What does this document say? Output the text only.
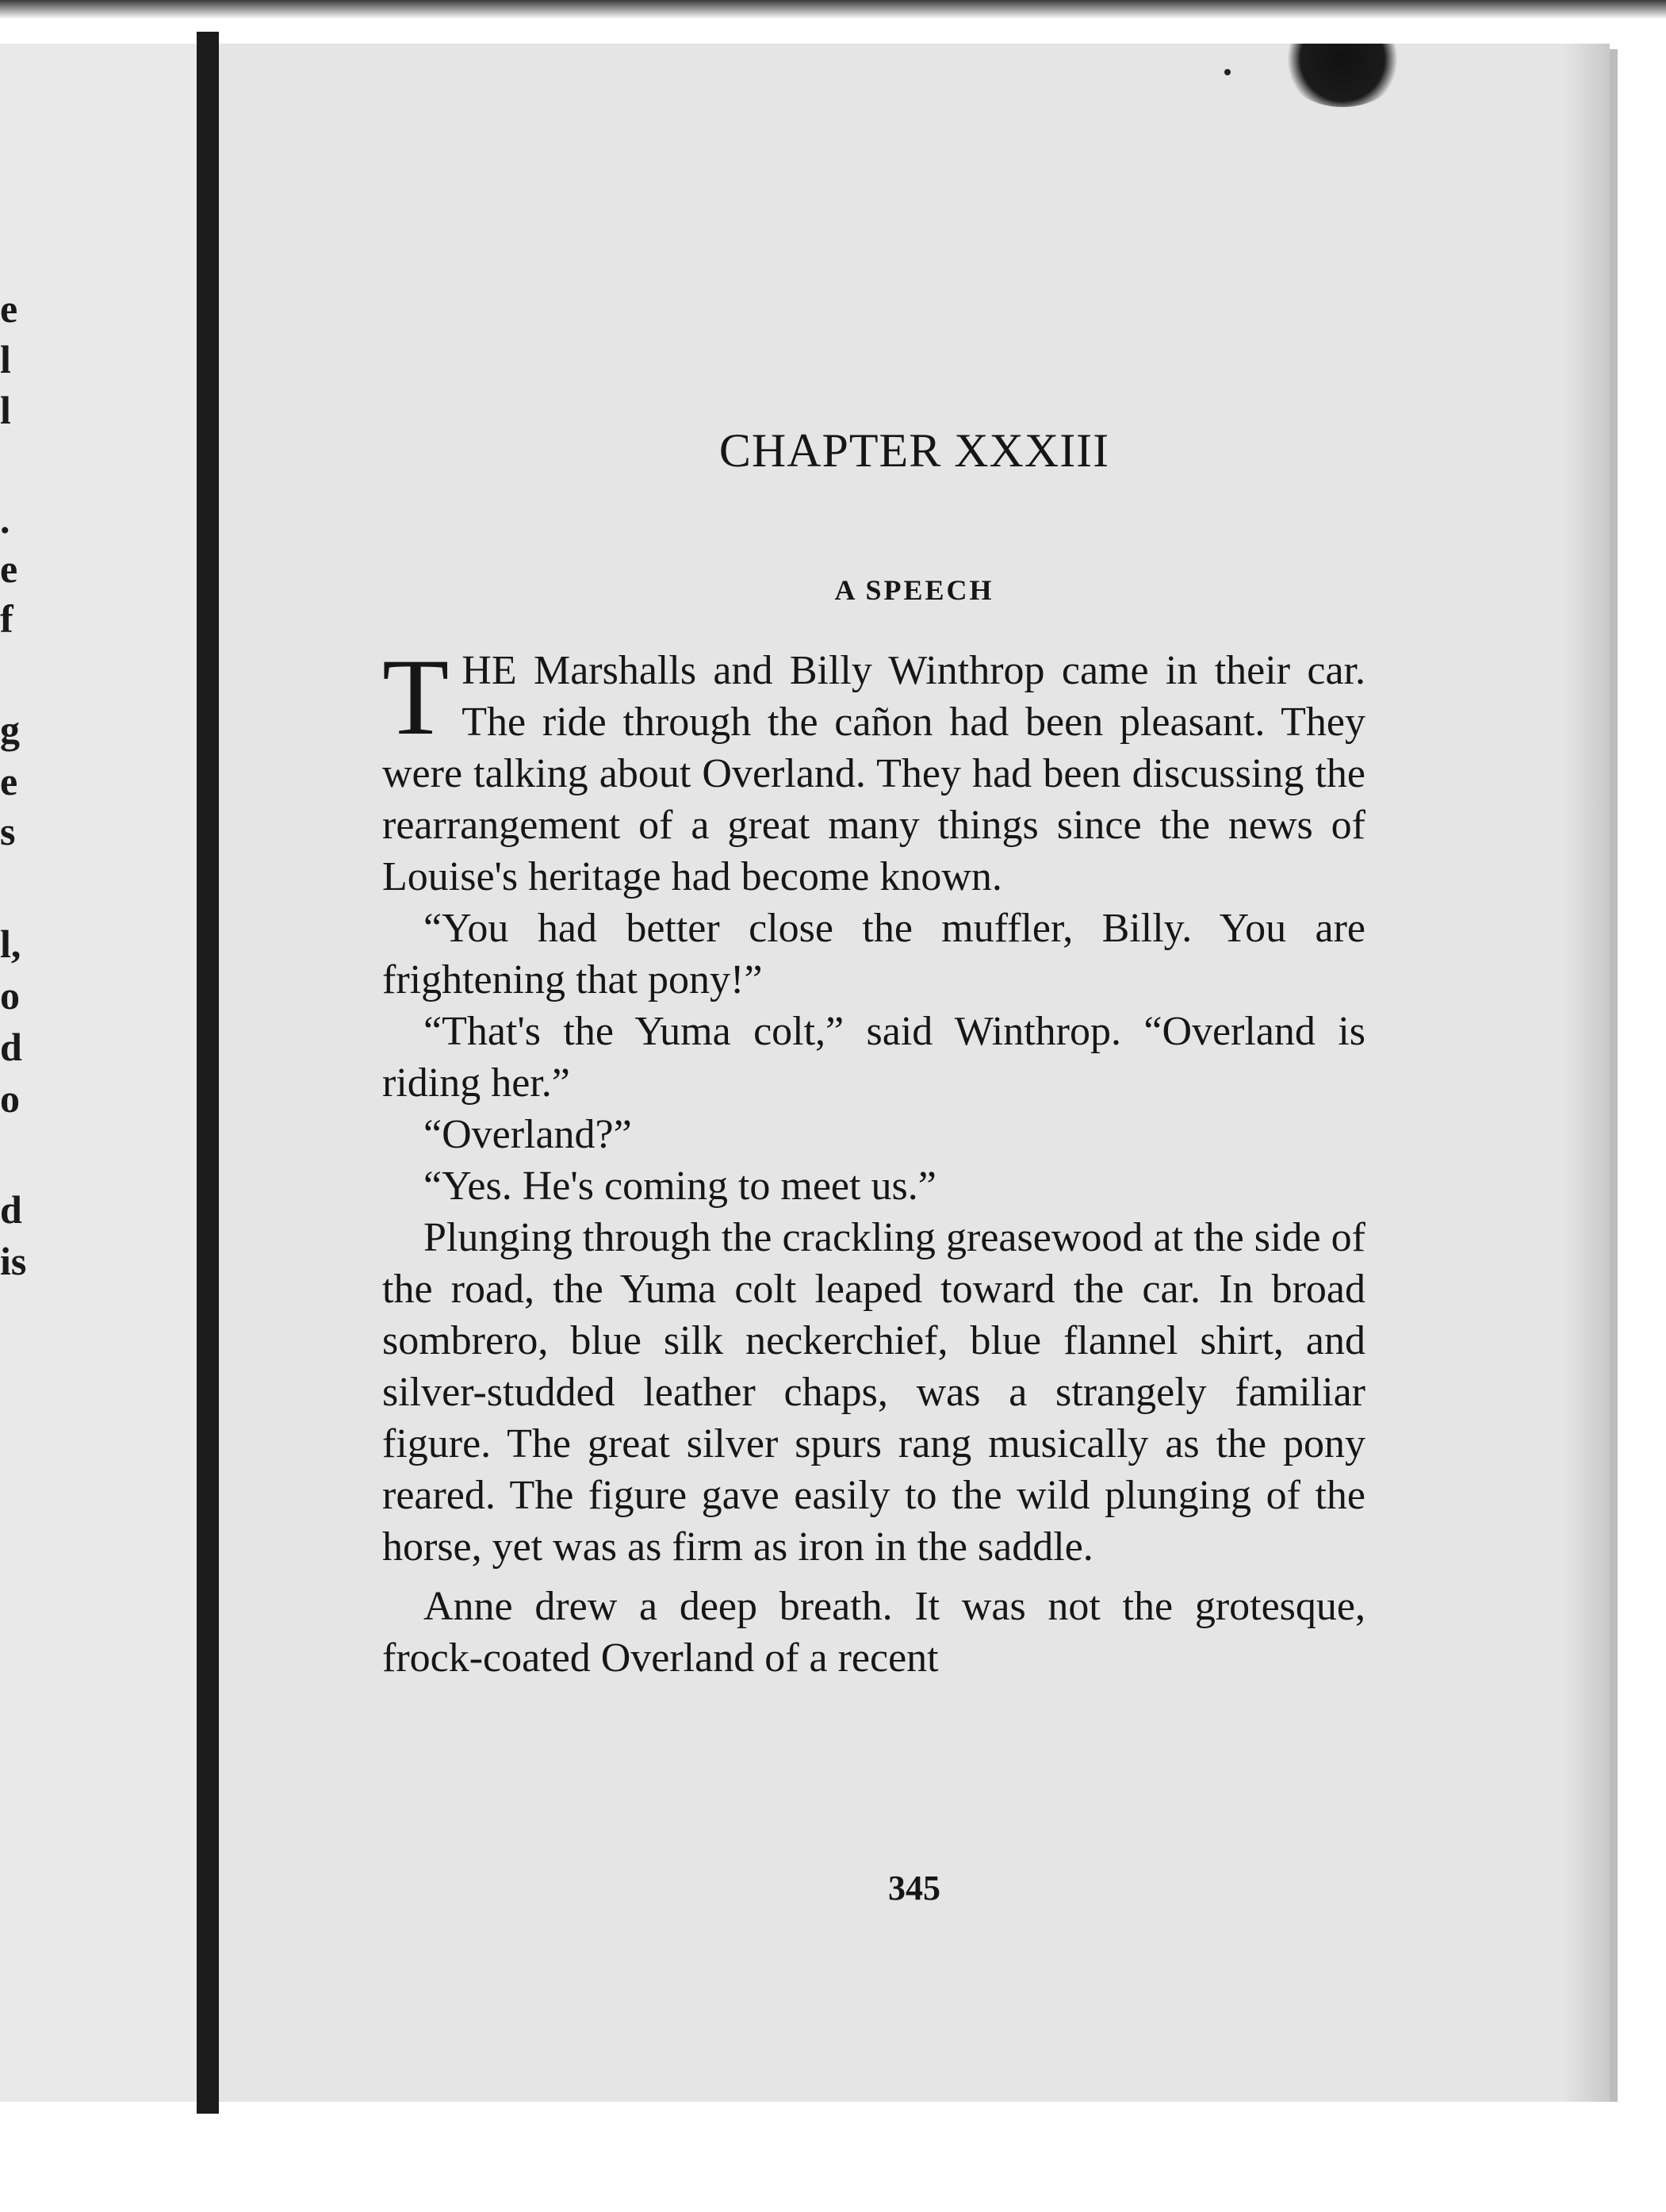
e
l
l
.
e
f
g
e
s
l,
o
d
o
d
is
CHAPTER XXXIII
A SPEECH

THE Marshalls and Billy Winthrop came in their car. The ride through the cañon had been pleasant. They were talking about Overland. They had been discussing the rearrangement of a great many things since the news of Louise's heritage had become known.

“You had better close the muffler, Billy. You are frightening that pony!”

“That's the Yuma colt,” said Winthrop. “Overland is riding her.”

“Overland?”

“Yes. He's coming to meet us.”

Plunging through the crackling greasewood at the side of the road, the Yuma colt leaped toward the car. In broad sombrero, blue silk neckerchief, blue flannel shirt, and silver-studded leather chaps, was a strangely familiar figure. The great silver spurs rang musically as the pony reared. The figure gave easily to the wild plunging of the horse, yet was as firm as iron in the saddle.

Anne drew a deep breath. It was not the grotesque, frock-coated Overland of a recent

345
